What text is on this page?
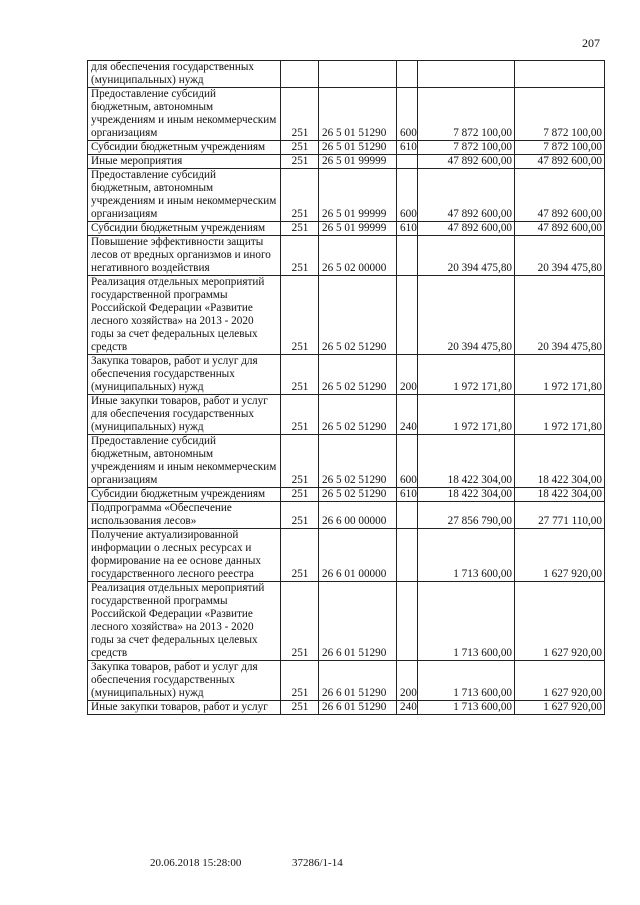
207
для обеспечения государственных (муниципальных) нужд					
Предоставление субсидий бюджетным, автономным учреждениям и иным некоммерческим организациям	251	26 5 01 51290	600	7 872 100,00	7 872 100,00
Субсидии бюджетным учреждениям	251	26 5 01 51290	610	7 872 100,00	7 872 100,00
Иные мероприятия	251	26 5 01 99999		47 892 600,00	47 892 600,00
Предоставление субсидий бюджетным, автономным учреждениям и иным некоммерческим организациям	251	26 5 01 99999	600	47 892 600,00	47 892 600,00
Субсидии бюджетным учреждениям	251	26 5 01 99999	610	47 892 600,00	47 892 600,00
Повышение эффективности защиты лесов от вредных организмов и иного негативного воздействия	251	26 5 02 00000		20 394 475,80	20 394 475,80
Реализация отдельных мероприятий государственной программы Российской Федерации «Развитие лесного хозяйства» на 2013 - 2020 годы за счет федеральных целевых средств	251	26 5 02 51290		20 394 475,80	20 394 475,80
Закупка товаров, работ и услуг для обеспечения государственных (муниципальных) нужд	251	26 5 02 51290	200	1 972 171,80	1 972 171,80
Иные закупки товаров, работ и услуг для обеспечения государственных (муниципальных) нужд	251	26 5 02 51290	240	1 972 171,80	1 972 171,80
Предоставление субсидий бюджетным, автономным учреждениям и иным некоммерческим организациям	251	26 5 02 51290	600	18 422 304,00	18 422 304,00
Субсидии бюджетным учреждениям	251	26 5 02 51290	610	18 422 304,00	18 422 304,00
Подпрограмма «Обеспечение использования лесов»	251	26 6 00 00000		27 856 790,00	27 771 110,00
Получение актуализированной информации о лесных ресурсах и формирование на ее основе данных государственного лесного реестра	251	26 6 01 00000		1 713 600,00	1 627 920,00
Реализация отдельных мероприятий государственной программы Российской Федерации «Развитие лесного хозяйства» на 2013 - 2020 годы за счет федеральных целевых средств	251	26 6 01 51290		1 713 600,00	1 627 920,00
Закупка товаров, работ и услуг для обеспечения государственных (муниципальных) нужд	251	26 6 01 51290	200	1 713 600,00	1 627 920,00
Иные закупки товаров, работ и услуг	251	26 6 01 51290	240	1 713 600,00	1 627 920,00
20.06.2018 15:28:00	37286/1-14
